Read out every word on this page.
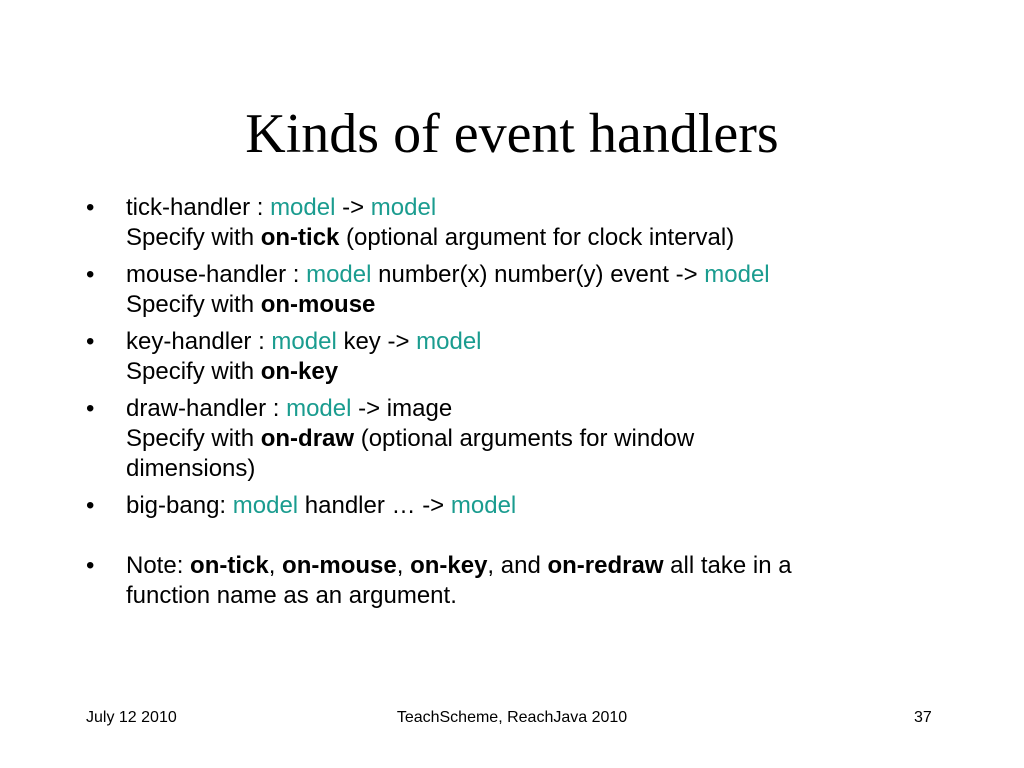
Kinds of event handlers
• tick-handler : model -> model
Specify with on-tick (optional argument for clock interval)
• mouse-handler : model number(x) number(y) event -> model
Specify with on-mouse
• key-handler : model key -> model
Specify with on-key
• draw-handler : model -> image
Specify with on-draw (optional arguments for window
dimensions)
• big-bang: model handler … -> model
• Note: on-tick, on-mouse, on-key, and on-redraw all take in a
function name as an argument.
July 12 2010	TeachScheme, ReachJava 2010	37
